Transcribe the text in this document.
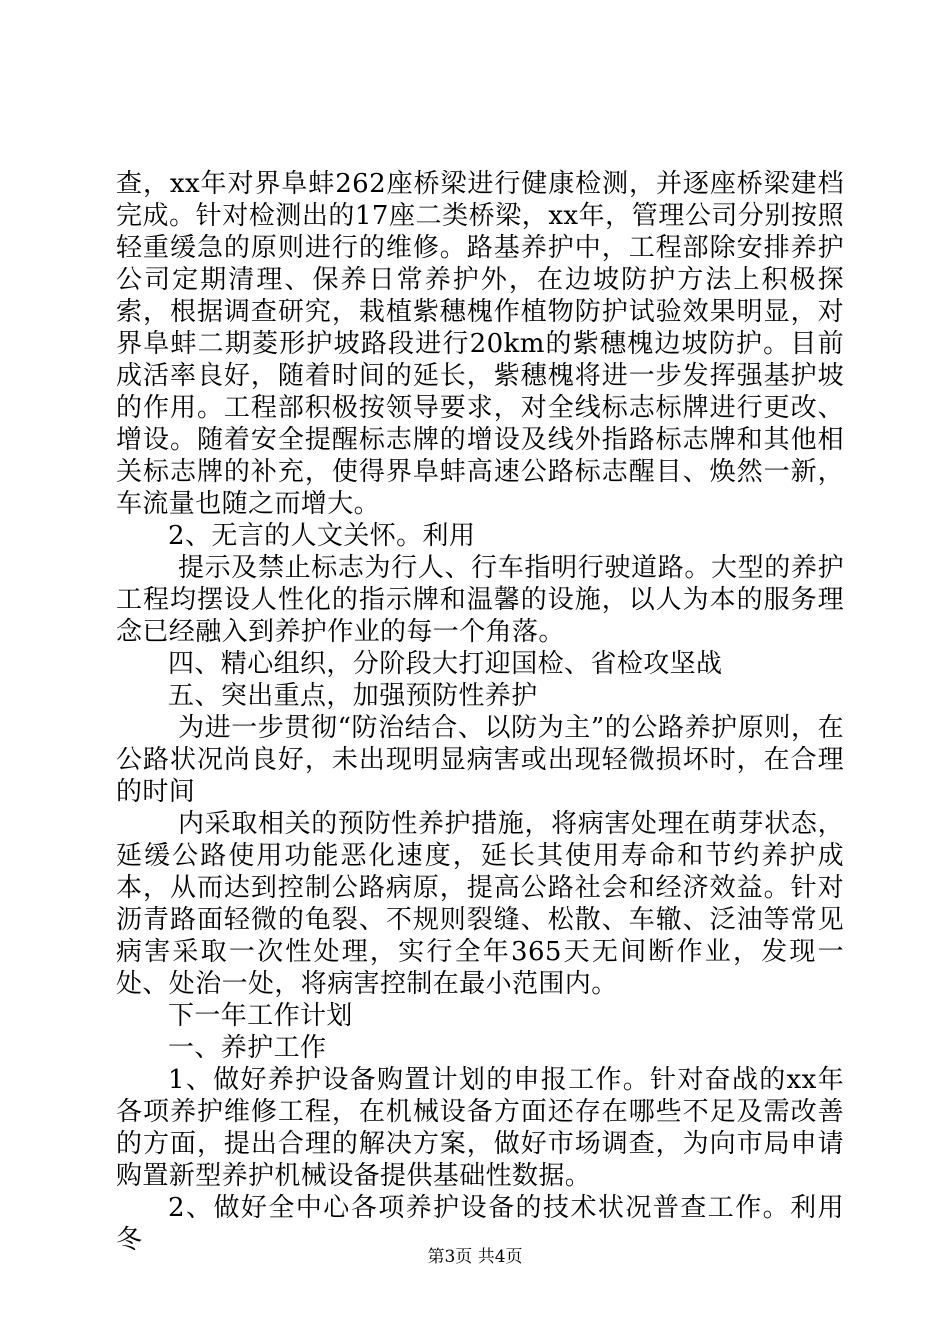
查，xx年对界阜蚌262座桥梁进行健康检测，并逐座桥梁建档完成。针对检测出的17座二类桥梁，xx年，管理公司分别按照轻重缓急的原则进行的维修。路基养护中，工程部除安排养护公司定期清理、保养日常养护外，在边坡防护方法上积极探索，根据调查研究，栽植紫穗槐作植物防护试验效果明显，对界阜蚌二期菱形护坡路段进行20km的紫穗槐边坡防护。目前成活率良好，随着时间的延长，紫穗槐将进一步发挥强基护坡的作用。工程部积极按领导要求，对全线标志标牌进行更改、增设。随着安全提醒标志牌的增设及线外指路标志牌和其他相关标志牌的补充，使得界阜蚌高速公路标志醒目、焕然一新，车流量也随之而增大。

2、无言的人文关怀。利用

提示及禁止标志为行人、行车指明行驶道路。大型的养护工程均摆设人性化的指示牌和温馨的设施，以人为本的服务理念已经融入到养护作业的每一个角落。

四、精心组织，分阶段大打迎国检、省检攻坚战

五、突出重点，加强预防性养护

为进一步贯彻“防治结合、以防为主”的公路养护原则，在公路状况尚良好，未出现明显病害或出现轻微损坏时，在合理的时间

内采取相关的预防性养护措施，将病害处理在萌芽状态，延缓公路使用功能恶化速度，延长其使用寿命和节约养护成本，从而达到控制公路病原，提高公路社会和经济效益。针对沥青路面轻微的龟裂、不规则裂缝、松散、车辙、泛油等常见病害采取一次性处理，实行全年365天无间断作业，发现一处、处治一处，将病害控制在最小范围内。

下一年工作计划

一、养护工作

1、做好养护设备购置计划的申报工作。针对奋战的xx年各项养护维修工程，在机械设备方面还存在哪些不足及需改善的方面，提出合理的解决方案，做好市场调查，为向市局申请购置新型养护机械设备提供基础性数据。

2、做好全中心各项养护设备的技术状况普查工作。利用冬

第3页 共4页
